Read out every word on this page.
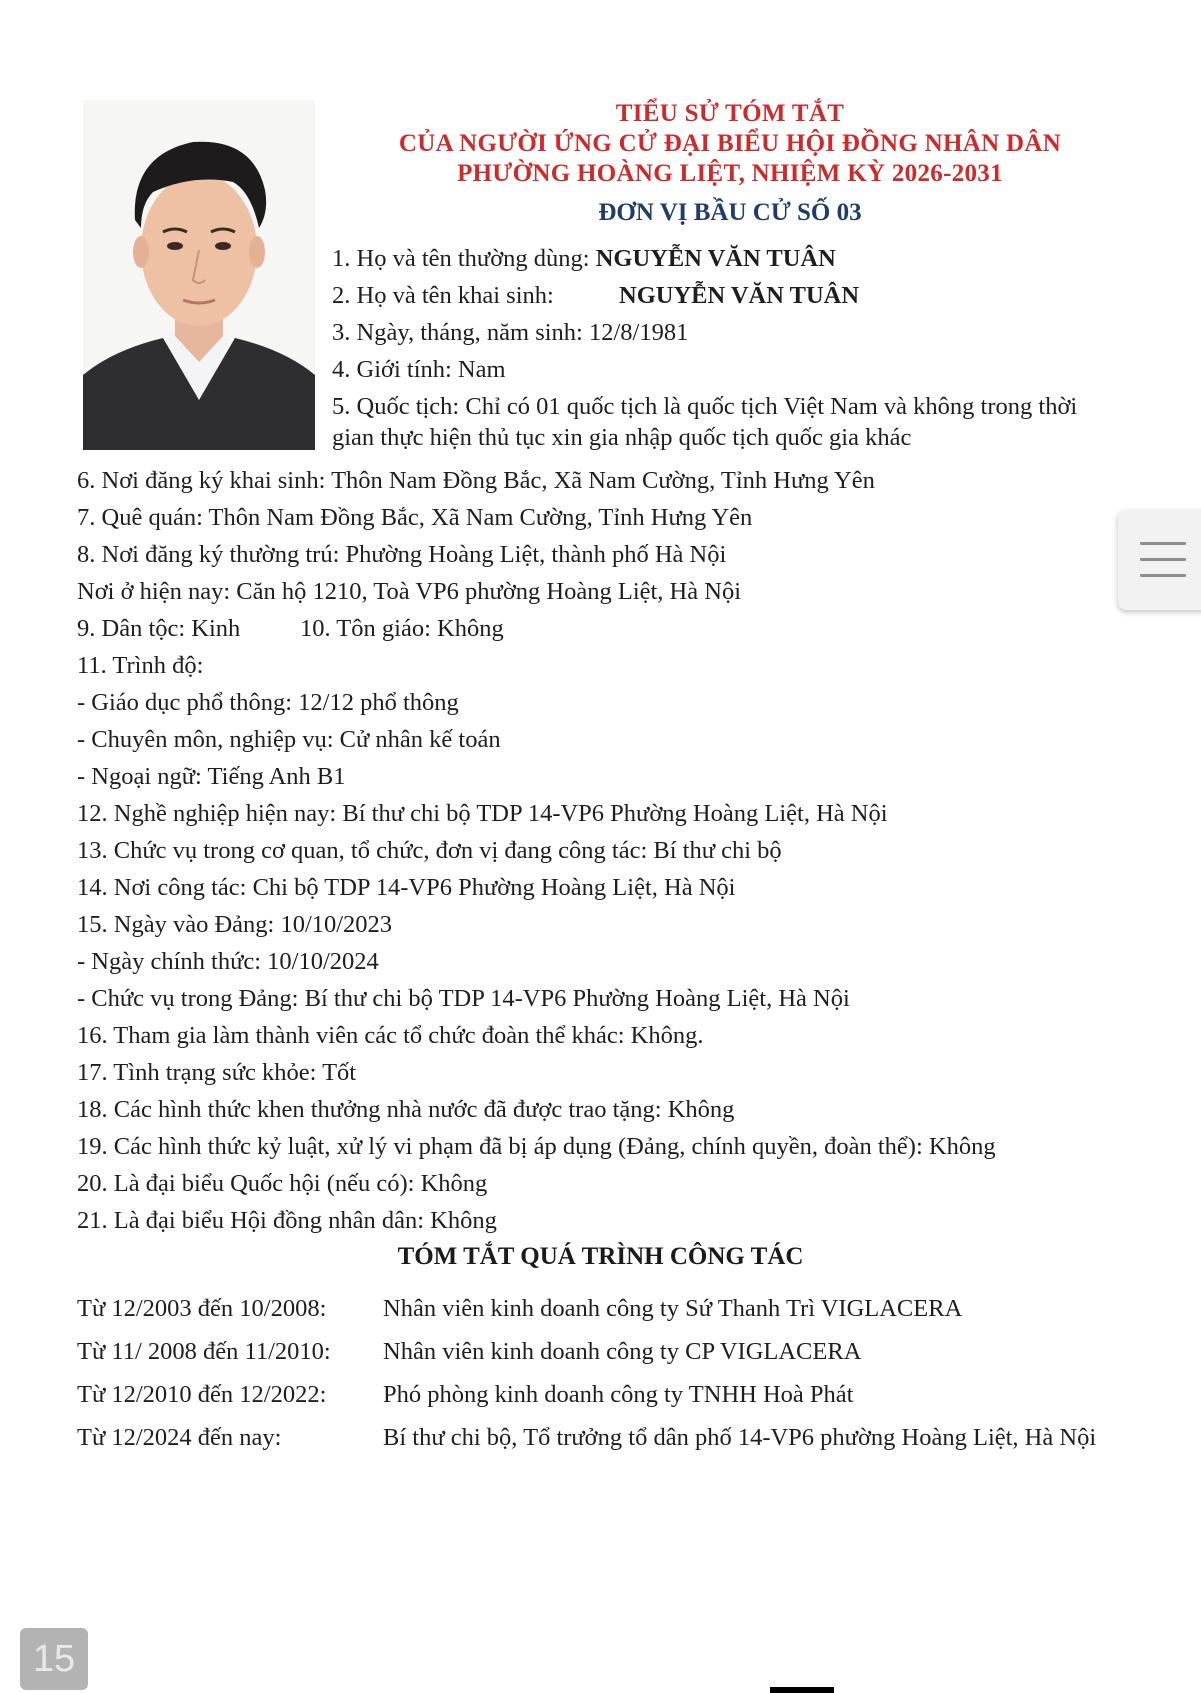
TIỂU SỬ TÓM TẮT
CỦA NGƯỜI ỨNG CỬ ĐẠI BIỂU HỘI ĐỒNG NHÂN DÂN
PHƯỜNG HOÀNG LIỆT, NHIỆM KỲ 2026-2031
ĐƠN VỊ BẦU CỬ SỐ 03
1. Họ và tên thường dùng: NGUYỄN VĂN TUÂN
2. Họ và tên khai sinh:	NGUYỄN VĂN TUÂN
3. Ngày, tháng, năm sinh: 12/8/1981
4. Giới tính: Nam
5. Quốc tịch: Chỉ có 01 quốc tịch là quốc tịch Việt Nam và không trong thời
gian thực hiện thủ tục xin gia nhập quốc tịch quốc gia khác
6. Nơi đăng ký khai sinh: Thôn Nam Đồng Bắc, Xã Nam Cường, Tỉnh Hưng Yên
7. Quê quán: Thôn Nam Đồng Bắc, Xã Nam Cường, Tỉnh Hưng Yên
8. Nơi đăng ký thường trú: Phường Hoàng Liệt, thành phố Hà Nội
Nơi ở hiện nay: Căn hộ 1210, Toà VP6 phường Hoàng Liệt, Hà Nội
9. Dân tộc: Kinh 10. Tôn giáo: Không
11. Trình độ:
- Giáo dục phổ thông: 12/12 phổ thông
- Chuyên môn, nghiệp vụ: Cử nhân kế toán
- Ngoại ngữ: Tiếng Anh B1
12. Nghề nghiệp hiện nay: Bí thư chi bộ TDP 14-VP6 Phường Hoàng Liệt, Hà Nội
13. Chức vụ trong cơ quan, tổ chức, đơn vị đang công tác: Bí thư chi bộ
14. Nơi công tác: Chi bộ TDP 14-VP6 Phường Hoàng Liệt, Hà Nội
15. Ngày vào Đảng: 10/10/2023
- Ngày chính thức: 10/10/2024
- Chức vụ trong Đảng: Bí thư chi bộ TDP 14-VP6 Phường Hoàng Liệt, Hà Nội
16. Tham gia làm thành viên các tổ chức đoàn thể khác: Không.
17. Tình trạng sức khỏe: Tốt
18. Các hình thức khen thưởng nhà nước đã được trao tặng: Không
19. Các hình thức kỷ luật, xử lý vi phạm đã bị áp dụng (Đảng, chính quyền, đoàn thể): Không
20. Là đại biểu Quốc hội (nếu có): Không
21. Là đại biểu Hội đồng nhân dân: Không
TÓM TẮT QUÁ TRÌNH CÔNG TÁC
Từ 12/2003 đến 10/2008: Nhân viên kinh doanh công ty Sứ Thanh Trì VIGLACERA
Từ 11/ 2008 đến 11/2010: Nhân viên kinh doanh công ty CP VIGLACERA
Từ 12/2010 đến 12/2022: Phó phòng kinh doanh công ty TNHH Hoà Phát
Từ 12/2024 đến nay:	Bí thư chi bộ, Tổ trưởng tổ dân phố 14-VP6 phường Hoàng Liệt, Hà Nội
15
